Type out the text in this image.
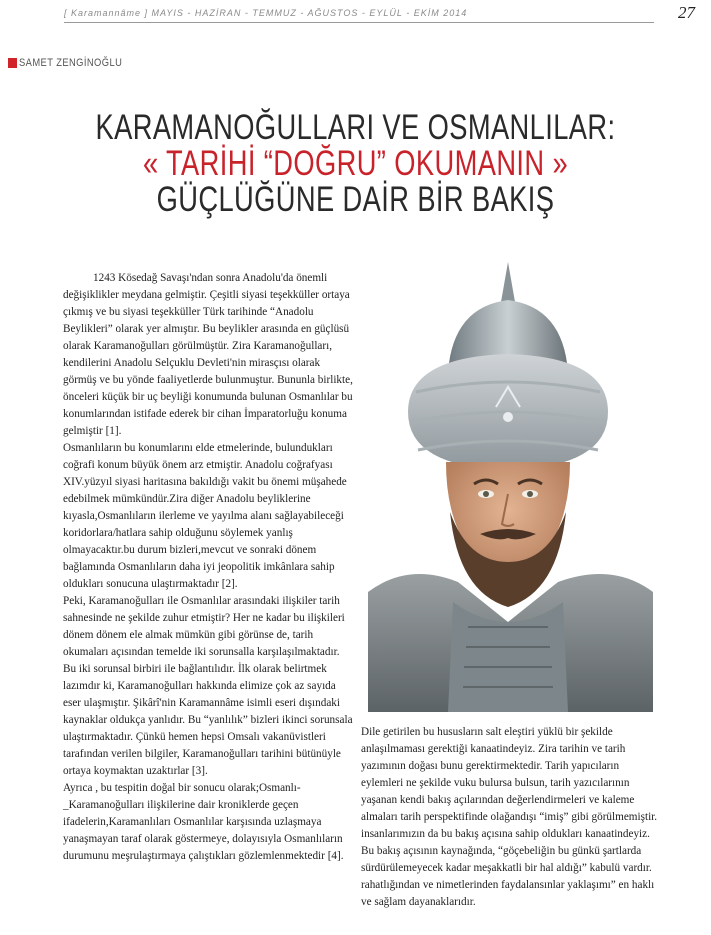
[ Karamannâme ] MAYIS - HAZİRAN - TEMMUZ - AĞUSTOS - EYLÜL - EKİM 2014	27
SAMET ZENGİNOĞLU
KARAMANOĞULLARI VE OSMANLILAR:
« TARİHİ “DOĞRU” OKUMANIN »
GÜÇLÜĞÜNE DAİR BİR BAKIŞ

1243 Kösedağ Savaşı'ndan sonra Anadolu'da önemli değişiklikler meydana gelmiştir. Çeşitli siyasi teşekküller ortaya çıkmış ve bu siyasi teşekküller Türk tarihinde “Anadolu Beylikleri” olarak yer almıştır. Bu beylikler arasında en güçlüsü olarak Karamanoğulları görülmüştür. Zira Karamanoğulları, kendilerini Anadolu Selçuklu Devleti'nin mirasçısı olarak görmüş ve bu yönde faaliyetlerde bulunmuştur. Bununla birlikte, önceleri küçük bir uç beyliği konumunda bulunan Osmanlılar bu konumlarından istifade ederek bir cihan İmparatorluğu konuma gelmiştir [1].

Osmanlıların bu konumlarını elde etmelerinde, bulundukları coğrafi konum büyük önem arz etmiştir. Anadolu coğrafyası XIV.yüzyıl siyasi haritasına bakıldığı vakit bu önemi müşahede edebilmek mümkündür.Zira diğer Anadolu beyliklerine kıyasla,Osmanlıların ilerleme ve yayılma alanı sağlayabileceği koridorlara/hatlara sahip olduğunu söylemek yanlış olmayacaktır.bu durum bizleri,mevcut ve sonraki dönem bağlamında Osmanlıların daha iyi jeopolitik imkânlara sahip oldukları sonucuna ulaştırmaktadır [2].

Peki, Karamanoğulları ile Osmanlılar arasındaki ilişkiler tarih sahnesinde ne şekilde zuhur etmiştir? Her ne kadar bu ilişkileri dönem dönem ele almak mümkün gibi görünse de, tarih okumaları açısından temelde iki sorunsalla karşılaşılmaktadır. Bu iki sorunsal birbiri ile bağlantılıdır. İlk olarak belirtmek lazımdır ki, Karamanoğulları hakkında elimize çok az sayıda eser ulaşmıştır. Şikârî'nin Karamannâme isimli eseri dışındaki kaynaklar oldukça yanlıdır. Bu “yanlılık” bizleri ikinci sorunsala ulaştırmaktadır. Çünkü hemen hepsi Omsalı vakanüvistleri tarafından verilen bilgiler, Karamanoğulları tarihini bütünüyle ortaya koymaktan uzaktırlar [3].

Ayrıca , bu tespitin doğal bir sonucu olarak;Osmanlı-_Karamanoğulları ilişkilerine dair kroniklerde geçen ifadelerin,Karamanlıları Osmanlılar karşısında uzlaşmaya yanaşmayan taraf olarak göstermeye, dolayısıyla Osmanlıların durumunu meşrulaştırmaya çalıştıkları gözlemlenmektedir [4].

Dile getirilen bu hususların salt eleştiri yüklü bir şekilde anlaşılmaması gerektiği kanaatindeyiz. Zira tarihin ve tarih yazımının doğası bunu gerektirmektedir. Tarih yapıcıların eylemleri ne şekilde vuku bulursa bulsun, tarih yazıcılarının yaşanan kendi bakış açılarından değerlendirmeleri ve kaleme almaları tarih perspektifinde olağandışı “imiş” gibi görülmemiştir. insanlarımızın da bu bakış açısına sahip oldukları kanaatindeyiz.

Bu bakış açısının kaynağında, “göçebeliğin bu günkü şartlarda sürdürülemeyecek kadar meşakkatli bir hal aldığı” kabulü vardır. rahatlığından ve nimetlerinden faydalansınlar yaklaşımı” en haklı ve sağlam dayanaklarıdır.
